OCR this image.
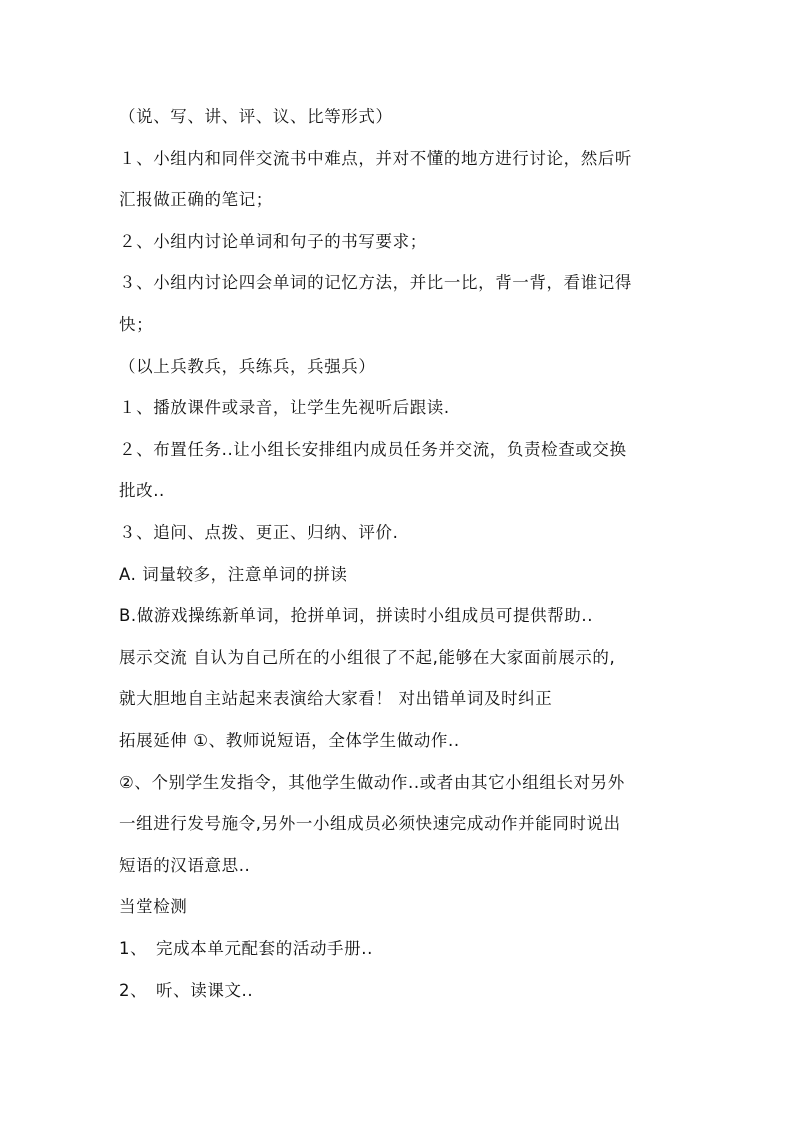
（说、写、讲、评、议、比等形式）
１、小组内和同伴交流书中难点，并对不懂的地方进行讨论，然后听
汇报做正确的笔记；
２、小组内讨论单词和句子的书写要求；
３、小组内讨论四会单词的记忆方法，并比一比，背一背，看谁记得
快；
（以上兵教兵，兵练兵，兵强兵）
１、播放课件或录音，让学生先视听后跟读.
２、布置任务..让小组长安排组内成员任务并交流，负责检查或交换
批改..
３、追问、点拨、更正、归纳、评价.
A. 词量较多，注意单词的拼读
B.做游戏操练新单词，抢拼单词，拼读时小组成员可提供帮助..
展示交流 自认为自己所在的小组很了不起,能够在大家面前展示的,
就大胆地自主站起来表演给大家看！ 对出错单词及时纠正
拓展延伸 ①、教师说短语，全体学生做动作..
②、个别学生发指令，其他学生做动作..或者由其它小组组长对另外
一组进行发号施令,另外一小组成员必须快速完成动作并能同时说出
短语的汉语意思..
当堂检测
1、　完成本单元配套的活动手册..
2、　听、读课文..
